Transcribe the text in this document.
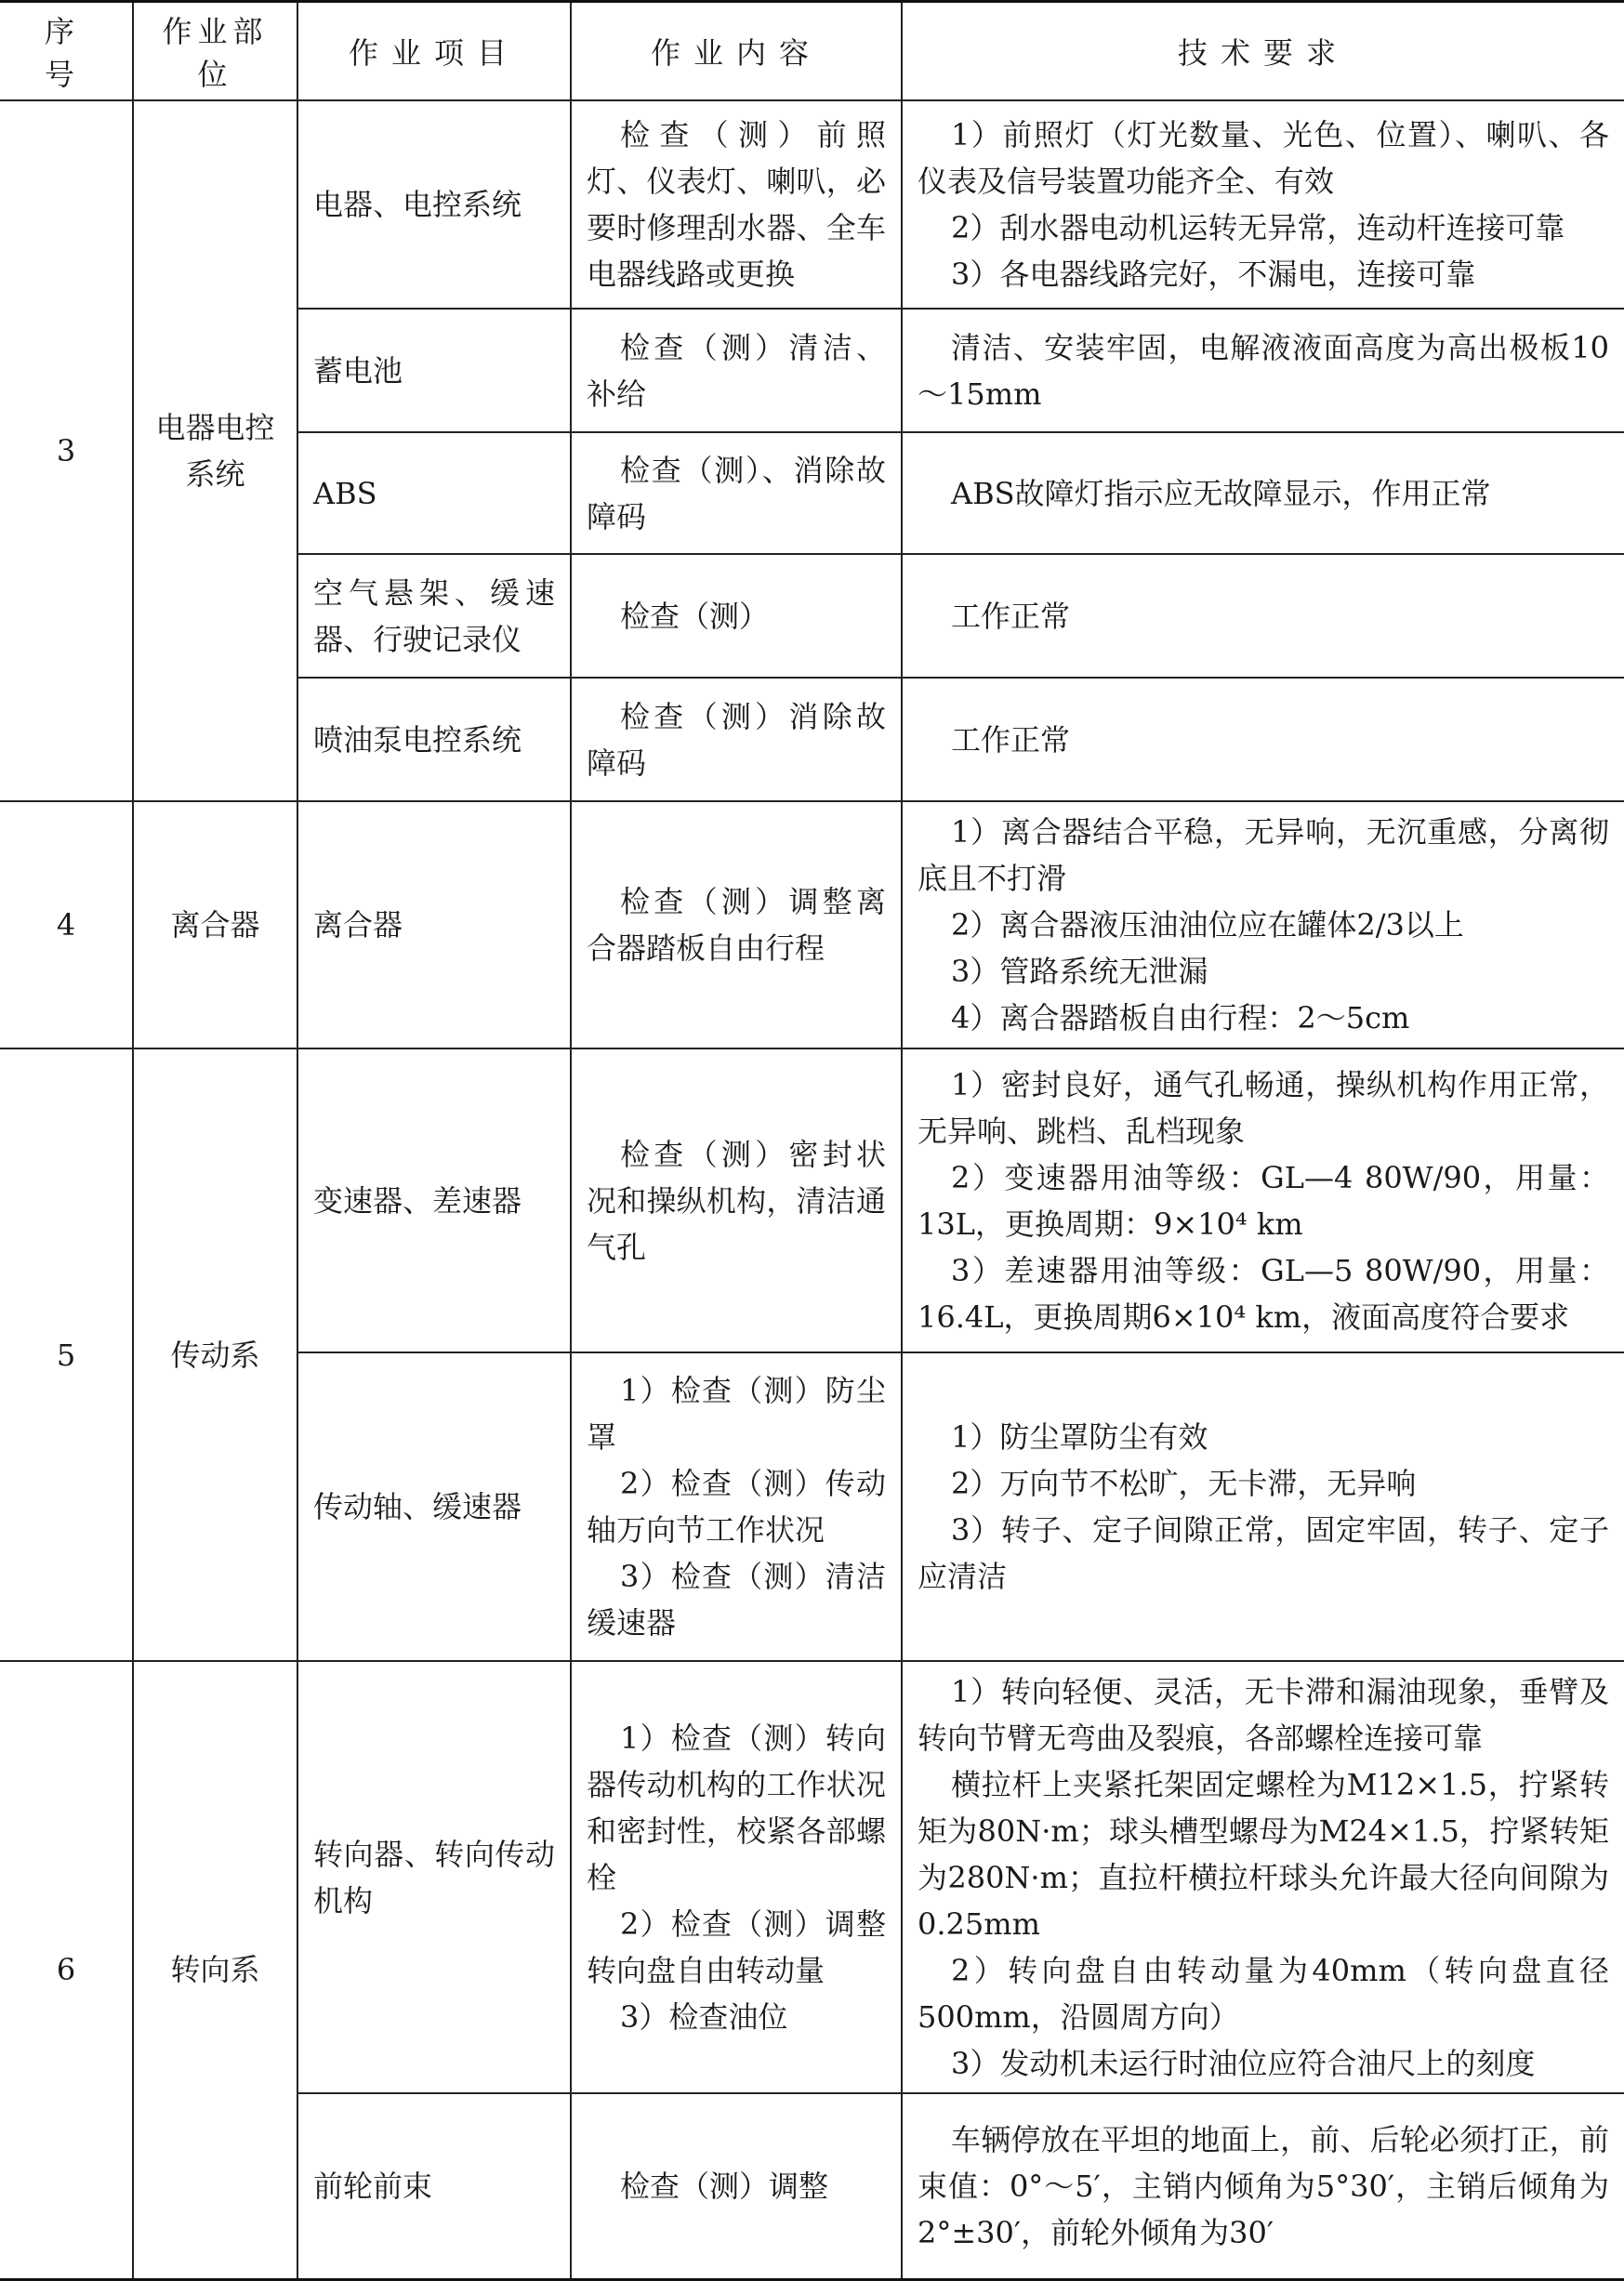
序 号	作业部位	作业项目	作业内容	技术要求
3	电器电控系统	电器、电控系统	检查（测）前照灯、仪表灯、喇叭，必要时修理刮水器、全车电器线路或更换	1）前照灯（灯光数量、光色、位置）、喇叭、各仪表及信号装置功能齐全、有效
2）刮水器电动机运转无异常，连动杆连接可靠
3）各电器线路完好，不漏电，连接可靠

		蓄电池	检查（测）清洁、补给	清洁、安装牢固，电解液液面高度为高出极板10～15mm

		ABS	检查（测）、消除故障码	ABS故障灯指示应无故障显示，作用正常

		空气悬架、缓速器、行驶记录仪	检查（测）	工作正常

		喷油泵电控系统	检查（测）消除故障码	工作正常

4	离合器	离合器	检查（测）调整离合器踏板自由行程	1）离合器结合平稳，无异响，无沉重感，分离彻底且不打滑
2）离合器液压油油位应在罐体2/3以上
3）管路系统无泄漏
4）离合器踏板自由行程：2～5cm

5	传动系	变速器、差速器	检查（测）密封状况和操纵机构，清洁通气孔	1）密封良好，通气孔畅通，操纵机构作用正常，无异响、跳档、乱档现象
2）变速器用油等级：GL—4 80W/90，用量：13L，更换周期：9×10⁴ km
3）差速器用油等级：GL—5 80W/90，用量：16.4L，更换周期6×10⁴ km，液面高度符合要求

		传动轴、缓速器	1）检查（测）防尘罩
2）检查（测）传动轴万向节工作状况
3）检查（测）清洁缓速器	1）防尘罩防尘有效
2）万向节不松旷，无卡滞，无异响
3）转子、定子间隙正常，固定牢固，转子、定子应清洁

6	转向系	转向器、转向传动机构	1）检查（测）转向器传动机构的工作状况和密封性，校紧各部螺栓
2）检查（测）调整转向盘自由转动量
3）检查油位	1）转向轻便、灵活，无卡滞和漏油现象，垂臂及转向节臂无弯曲及裂痕，各部螺栓连接可靠
横拉杆上夹紧托架固定螺栓为M12×1.5，拧紧转矩为80N·m；球头槽型螺母为M24×1.5，拧紧转矩为280N·m；直拉杆横拉杆球头允许最大径向间隙为0.25mm
2）转向盘自由转动量为40mm（转向盘直径500mm，沿圆周方向）
3）发动机未运行时油位应符合油尺上的刻度

		前轮前束	检查（测）调整	车辆停放在平坦的地面上，前、后轮必须打正，前束值：0°～5′，主销内倾角为5°30′，主销后倾角为2°±30′，前轮外倾角为30′
